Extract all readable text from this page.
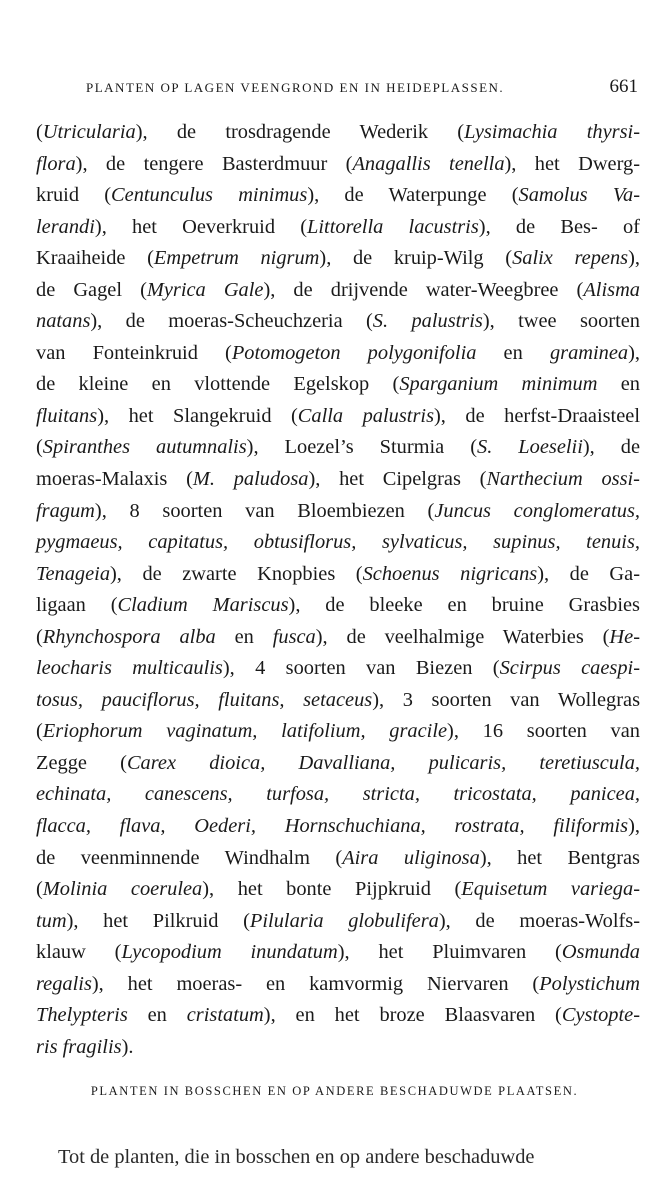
PLANTEN OP LAGEN VEENGROND EN IN HEIDEPLASSEN.	661
(Utricularia), de trosdragende Wederik (Lysimachia thyrsi-
flora), de tengere Basterdmuur (Anagallis tenella), het Dwerg-
kruid (Centunculus minimus), de Waterpunge (Samolus Va-
lerandi), het Oeverkruid (Littorella lacustris), de Bes- of
Kraaiheide (Empetrum nigrum), de kruip-Wilg (Salix repens),
de Gagel (Myrica Gale), de drijvende water-Weegbree (Alisma
natans), de moeras-Scheuchzeria (S. palustris), twee soorten
van Fonteinkruid (Potomogeton polygonifolia en graminea),
de kleine en vlottende Egelskop (Sparganium minimum en
fluitans), het Slangekruid (Calla palustris), de herfst-Draaisteel
(Spiranthes autumnalis), Loezel’s Sturmia (S. Loeselii), de
moeras-Malaxis (M. paludosa), het Cipelgras (Narthecium ossi-
fragum), 8 soorten van Bloembiezen (Juncus conglomeratus,
pygmaeus, capitatus, obtusiflorus, sylvaticus, supinus, tenuis,
Tenageia), de zwarte Knopbies (Schoenus nigricans), de Ga-
ligaan (Cladium Mariscus), de bleeke en bruine Grasbies
(Rhynchospora alba en fusca), de veelhalmige Waterbies (He-
leocharis multicaulis), 4 soorten van Biezen (Scirpus caespi-
tosus, pauciflorus, fluitans, setaceus), 3 soorten van Wollegras
(Eriophorum vaginatum, latifolium, gracile), 16 soorten van
Zegge (Carex dioica, Davalliana, pulicaris, teretiuscula,
echinata, canescens, turfosa, stricta, tricostata, panicea,
flacca, flava, Oederi, Hornschuchiana, rostrata, filiformis),
de veenminnende Windhalm (Aira uliginosa), het Bentgras
(Molinia coerulea), het bonte Pijpkruid (Equisetum variega-
tum), het Pilkruid (Pilularia globulifera), de moeras-Wolfs-
klauw (Lycopodium inundatum), het Pluimvaren (Osmunda
regalis), het moeras- en kamvormig Niervaren (Polystichum
Thelypteris en cristatum), en het broze Blaasvaren (Cystopte-
ris fragilis).
PLANTEN IN BOSSCHEN EN OP ANDERE BESCHADUWDE PLAATSEN.
Tot de planten, die in bosschen en op andere beschaduwde
